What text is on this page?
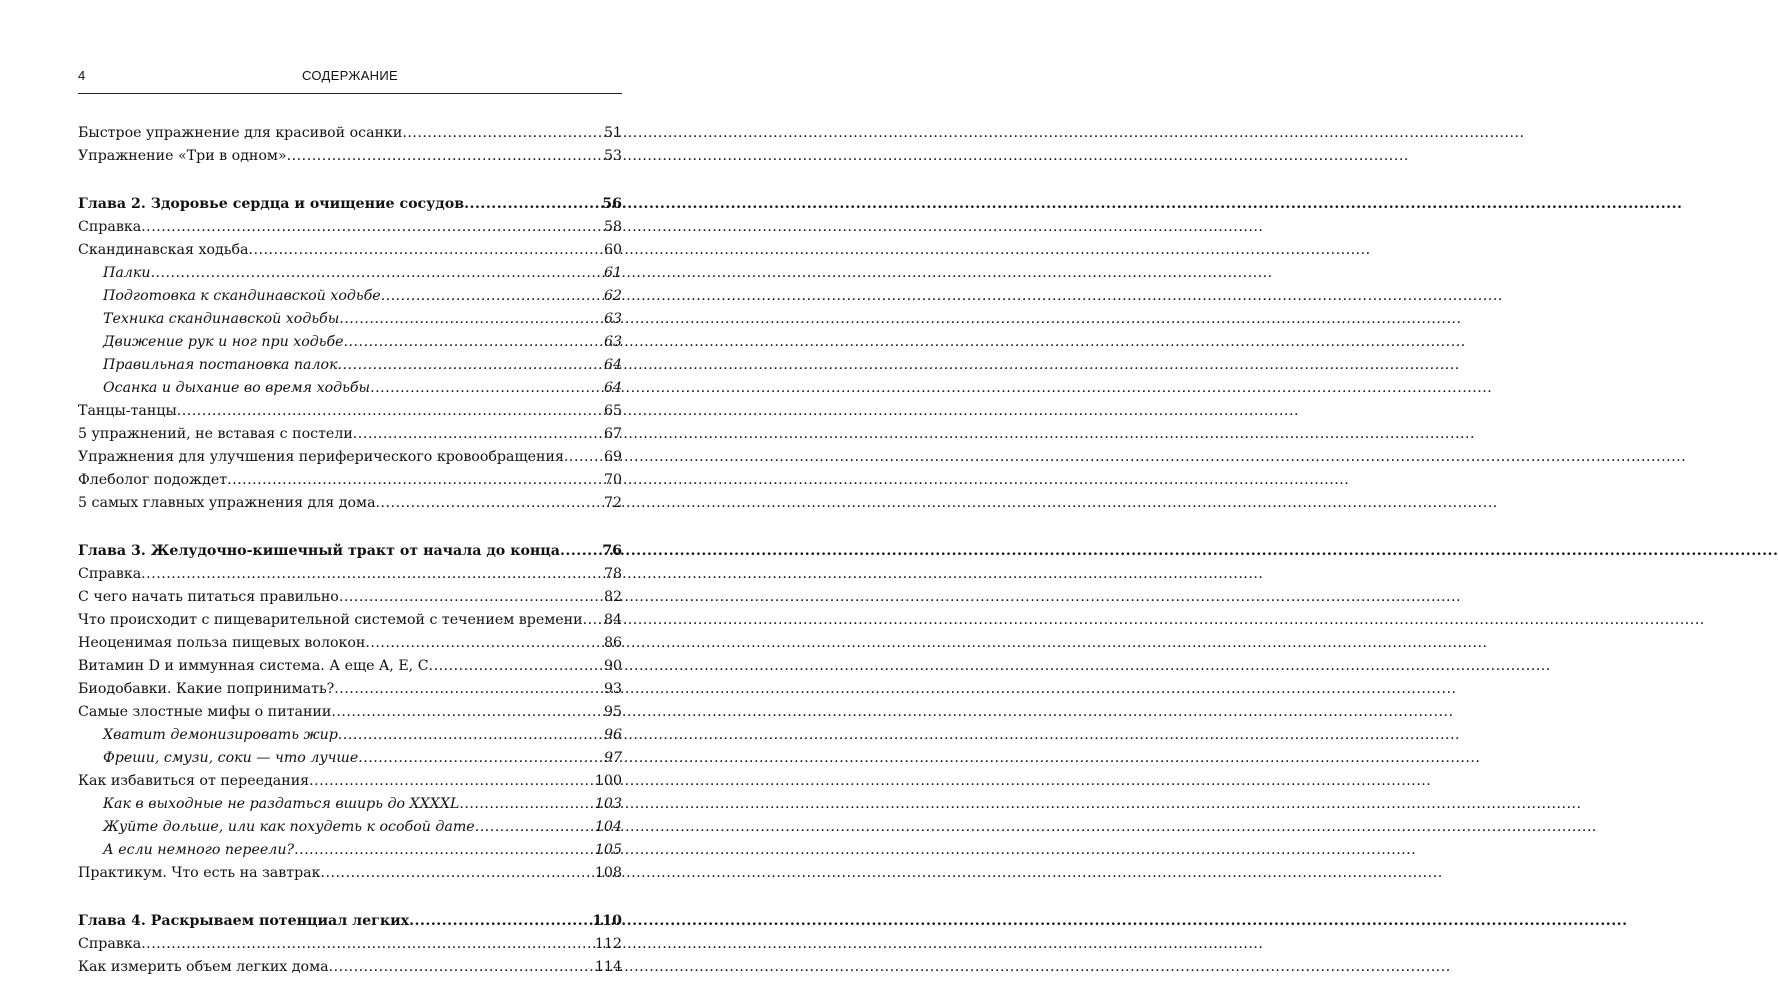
4	СОДЕРЖАНИЕ
Быстрое упражнение для красивой осанки .....	51
Упражнение «Три в одном» .....	53
Глава 2. Здоровье сердца и очищение сосудов .....	56
Справка .....	58
Скандинавская ходьба .....	60
Палки .....	61
Подготовка к скандинавской ходьбе .....	62
Техника скандинавской ходьбы .....	63
Движение рук и ног при ходьбе .....	63
Правильная постановка палок .....	64
Осанка и дыхание во время ходьбы .....	64
Танцы-танцы .....	65
5 упражнений, не вставая с постели .....	67
Упражнения для улучшения периферического кровообращения .....	69
Флеболог подождет .....	70
5 самых главных упражнения для дома .....	72
Глава 3. Желудочно-кишечный тракт от начала до конца .....	76
Справка .....	78
С чего начать питаться правильно .....	82
Что происходит с пищеварительной системой с течением времени ..... 84
Неоценимая польза пищевых волокон .....	86
Витамин D и иммунная система. А еще A, E, C .....	90
Биодобавки. Какие попринимать? .....	93
Самые злостные мифы о питании .....	95
Хватит демонизировать жир .....	96
Фреши, смузи, соки — что лучше .....	97
Как избавиться от переедания .....	100
Как в выходные не раздаться вширь до XXXXL .....	103
Жуйте дольше, или как похудеть к особой дате .....	104
А если немного переели? .....	105
Практикум. Что есть на завтрак .....	108
Глава 4. Раскрываем потенциал легких .....	110
Справка .....	112
Как измерить объем легких дома .....	114
